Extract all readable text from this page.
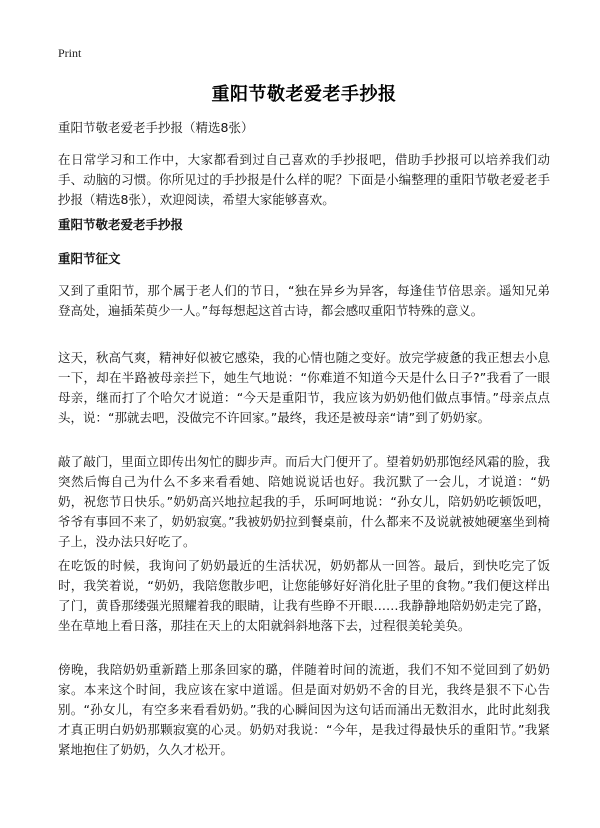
Print
重阳节敬老爱老手抄报
重阳节敬老爱老手抄报（精选8张）
在日常学习和工作中，大家都看到过自己喜欢的手抄报吧，借助手抄报可以培养我们动手、动脑的习惯。你所见过的手抄报是什么样的呢？下面是小编整理的重阳节敬老爱老手抄报（精选8张），欢迎阅读，希望大家能够喜欢。
重阳节敬老爱老手抄报
重阳节征文
又到了重阳节，那个属于老人们的节日，“独在异乡为异客，每逢佳节倍思亲。遥知兄弟登高处，遍插茱萸少一人。”每每想起这首古诗，都会感叹重阳节特殊的意义。
这天，秋高气爽，精神好似被它感染，我的心情也随之变好。放完学疲惫的我正想去小息一下，却在半路被母亲拦下，她生气地说：“你难道不知道今天是什么日子?”我看了一眼母亲，继而打了个哈欠才说道：“今天是重阳节，我应该为奶奶他们做点事情。”母亲点点头，说：“那就去吧，没做完不许回家。”最终，我还是被母亲“请”到了奶奶家。
敲了敲门，里面立即传出匆忙的脚步声。而后大门便开了。望着奶奶那饱经风霜的脸，我突然后悔自己为什么不多来看看她、陪她说说话也好。我沉默了一会儿，才说道：“奶奶，祝您节日快乐。”奶奶高兴地拉起我的手，乐呵呵地说：“孙女儿，陪奶奶吃顿饭吧，爷爷有事回不来了，奶奶寂寞。”我被奶奶拉到餐桌前，什么都来不及说就被她硬塞坐到椅子上，没办法只好吃了。
在吃饭的时候，我询问了奶奶最近的生活状况，奶奶都从一回答。最后，到快吃完了饭时，我笑着说，“奶奶，我陪您散步吧，让您能够好好消化肚子里的食物。”我们便这样出了门，黄昏那缕强光照耀着我的眼睛，让我有些睁不开眼……我静静地陪奶奶走完了路，坐在草地上看日落，那挂在天上的太阳就斜斜地落下去，过程很美轮美奂。
傍晚，我陪奶奶重新踏上那条回家的璐，伴随着时间的流逝，我们不知不觉回到了奶奶家。本来这个时间，我应该在家中道谣。但是面对奶奶不舍的目光，我终是狠不下心告别。“孙女儿，有空多来看看奶奶。”我的心瞬间因为这句话而涌出无数泪水，此时此刻我才真正明白奶奶那颗寂寞的心灵。奶奶对我说：“今年，是我过得最快乐的重阳节。”我紧紧地抱住了奶奶，久久才松开。
